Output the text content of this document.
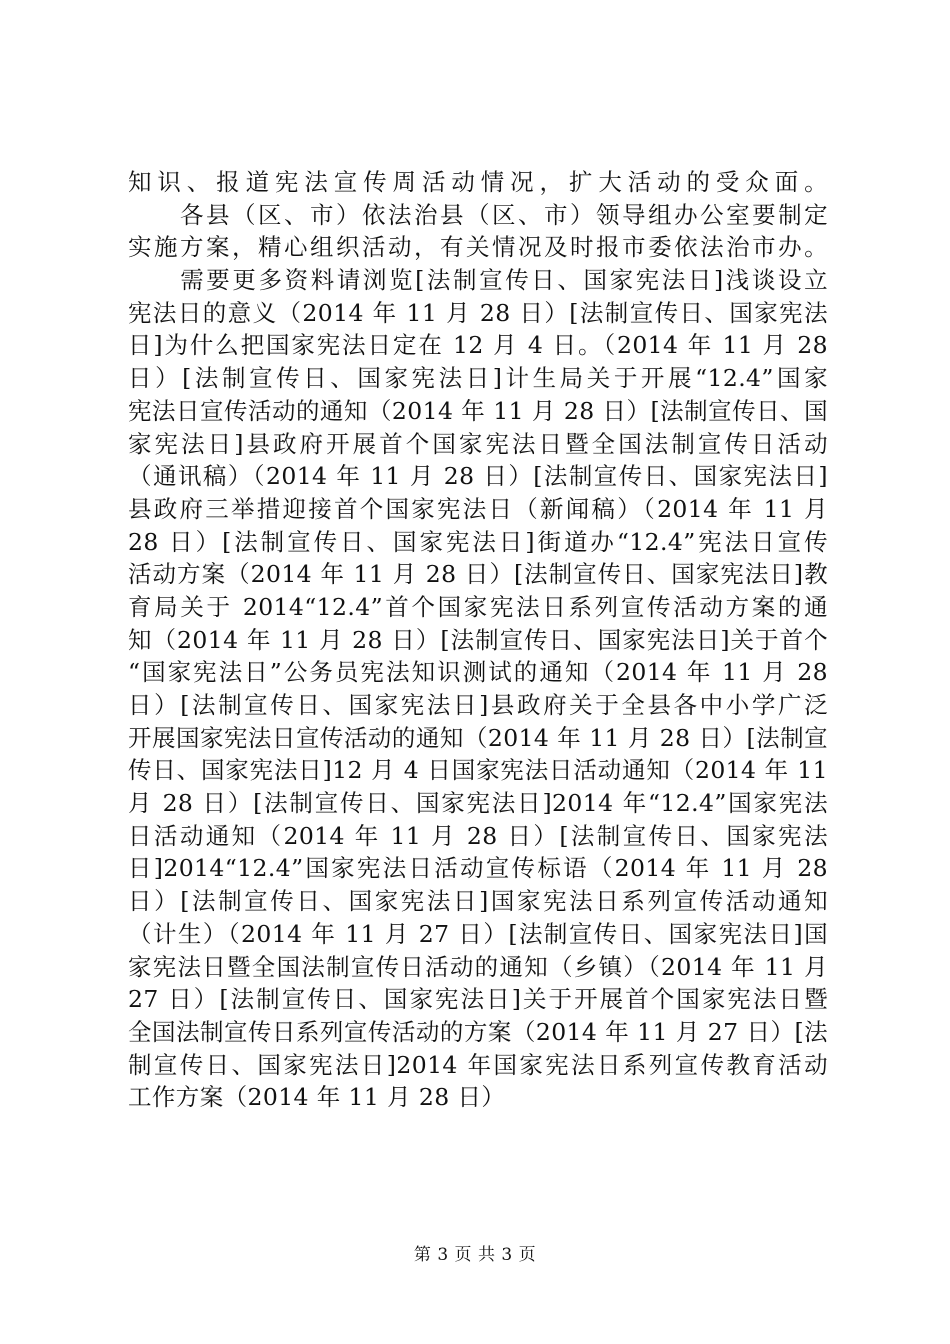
知识、报道宪法宣传周活动情况，扩大活动的受众面。
　　各县（区、市）依法治县（区、市）领导组办公室要制定
实施方案，精心组织活动，有关情况及时报市委依法治市办。
　　需要更多资料请浏览[法制宣传日、国家宪法日]浅谈设立
宪法日的意义（2014 年 11 月 28 日）[法制宣传日、国家宪法
日]为什么把国家宪法日定在 12 月 4 日。（2014 年 11 月 28
日）[法制宣传日、国家宪法日]计生局关于开展“12.4”国家
宪法日宣传活动的通知（2014 年 11 月 28 日）[法制宣传日、国
家宪法日]县政府开展首个国家宪法日暨全国法制宣传日活动
（通讯稿）（2014 年 11 月 28 日）[法制宣传日、国家宪法日]
县政府三举措迎接首个国家宪法日（新闻稿）（2014 年 11 月
28 日）[法制宣传日、国家宪法日]街道办“12.4”宪法日宣传
活动方案（2014 年 11 月 28 日）[法制宣传日、国家宪法日]教
育局关于 2014“12.4”首个国家宪法日系列宣传活动方案的通
知（2014 年 11 月 28 日）[法制宣传日、国家宪法日]关于首个
“国家宪法日”公务员宪法知识测试的通知（2014 年 11 月 28
日）[法制宣传日、国家宪法日]县政府关于全县各中小学广泛
开展国家宪法日宣传活动的通知（2014 年 11 月 28 日）[法制宣
传日、国家宪法日]12 月 4 日国家宪法日活动通知（2014 年 11
月 28 日）[法制宣传日、国家宪法日]2014 年“12.4”国家宪法
日活动通知（2014 年 11 月 28 日）[法制宣传日、国家宪法
日]2014“12.4”国家宪法日活动宣传标语（2014 年 11 月 28
日）[法制宣传日、国家宪法日]国家宪法日系列宣传活动通知
（计生）（2014 年 11 月 27 日）[法制宣传日、国家宪法日]国
家宪法日暨全国法制宣传日活动的通知（乡镇）（2014 年 11 月
27 日）[法制宣传日、国家宪法日]关于开展首个国家宪法日暨
全国法制宣传日系列宣传活动的方案（2014 年 11 月 27 日）[法
制宣传日、国家宪法日]2014 年国家宪法日系列宣传教育活动
工作方案（2014 年 11 月 28 日）
第 3 页 共 3 页
